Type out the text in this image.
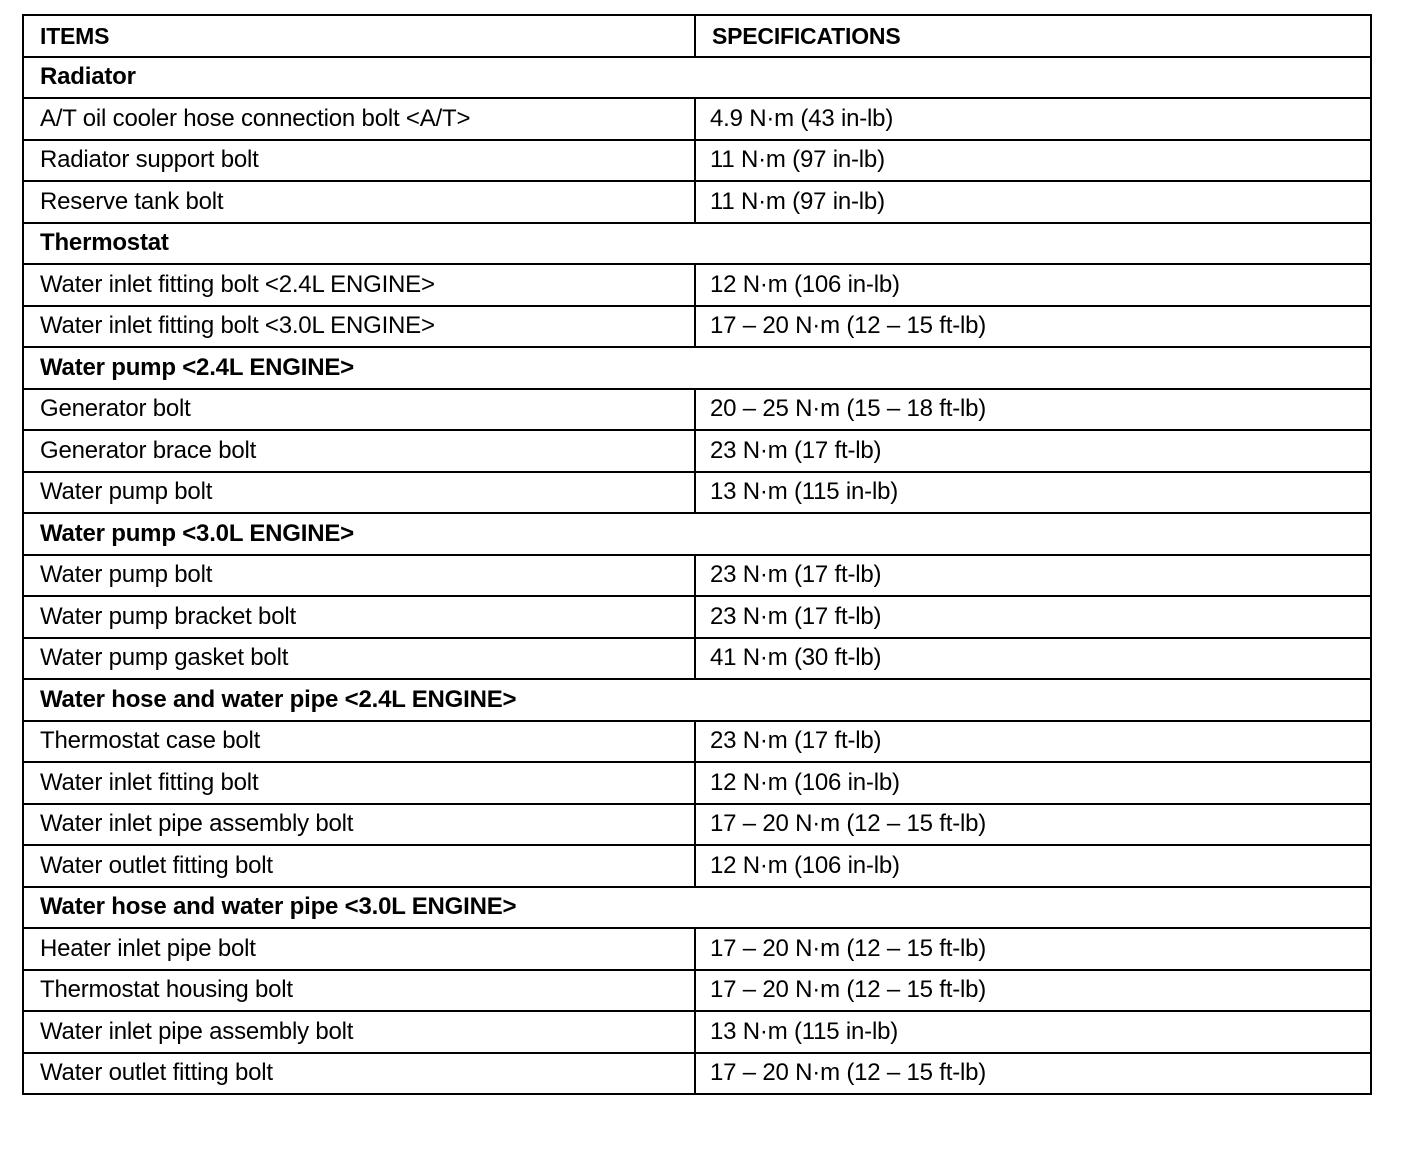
ITEMS	SPECIFICATIONS
Radiator	
A/T oil cooler hose connection bolt <A/T>	4.9 N·m (43 in-lb)
Radiator support bolt	11 N·m (97 in-lb)
Reserve tank bolt	11 N·m (97 in-lb)
Thermostat	
Water inlet fitting bolt <2.4L ENGINE>	12 N·m (106 in-lb)
Water inlet fitting bolt <3.0L ENGINE>	17 – 20 N·m (12 – 15 ft-lb)
Water pump <2.4L ENGINE>	
Generator bolt	20 – 25 N·m (15 – 18 ft-lb)
Generator brace bolt	23 N·m (17 ft-lb)
Water pump bolt	13 N·m (115 in-lb)
Water pump <3.0L ENGINE>	
Water pump bolt	23 N·m (17 ft-lb)
Water pump bracket bolt	23 N·m (17 ft-lb)
Water pump gasket bolt	41 N·m (30 ft-lb)
Water hose and water pipe <2.4L ENGINE>	
Thermostat case bolt	23 N·m (17 ft-lb)
Water inlet fitting bolt	12 N·m (106 in-lb)
Water inlet pipe assembly bolt	17 – 20 N·m (12 – 15 ft-lb)
Water outlet fitting bolt	12 N·m (106 in-lb)
Water hose and water pipe <3.0L ENGINE>	
Heater inlet pipe bolt	17 – 20 N·m (12 – 15 ft-lb)
Thermostat housing bolt	17 – 20 N·m (12 – 15 ft-lb)
Water inlet pipe assembly bolt	13 N·m (115 in-lb)
Water outlet fitting bolt	17 – 20 N·m (12 – 15 ft-lb)
